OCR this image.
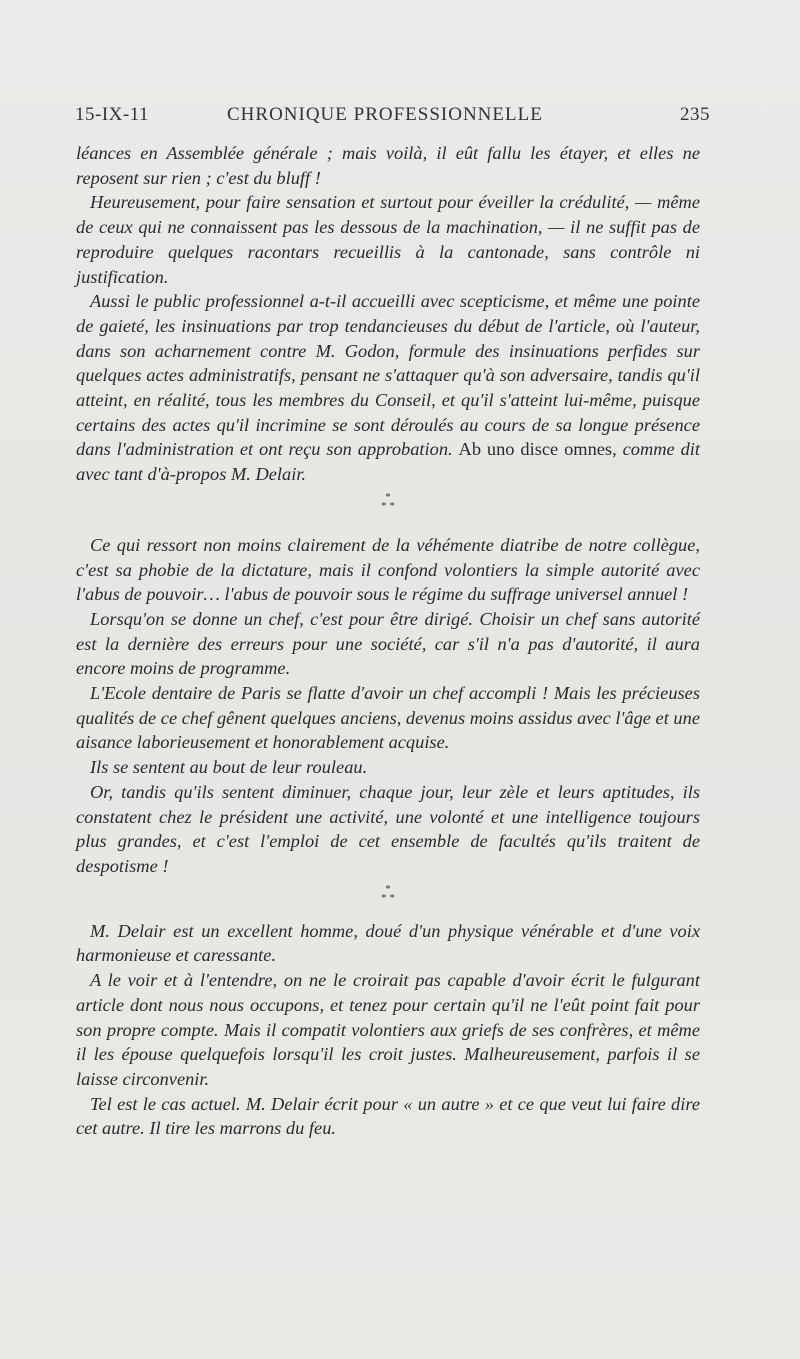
15-IX-11	CHRONIQUE PROFESSIONNELLE	235

léances en Assemblée générale ; mais voilà, il eût fallu les étayer, et elles ne reposent sur rien ; c'est du bluff !

Heureusement, pour faire sensation et surtout pour éveiller la crédulité, — même de ceux qui ne connaissent pas les dessous de la machination, — il ne suffit pas de reproduire quelques racontars recueillis à la cantonade, sans contrôle ni justification.

Aussi le public professionnel a-t-il accueilli avec scepticisme, et même une pointe de gaieté, les insinuations par trop tendancieuses du début de l'article, où l'auteur, dans son acharnement contre M. Godon, formule des insinuations perfides sur quelques actes administratifs, pensant ne s'attaquer qu'à son adversaire, tandis qu'il atteint, en réalité, tous les membres du Conseil, et qu'il s'atteint lui-même, puisque certains des actes qu'il incrimine se sont déroulés au cours de sa longue présence dans l'administration et ont reçu son approbation. Ab uno disce omnes, comme dit avec tant d'à-propos M. Delair.

*
* *

Ce qui ressort non moins clairement de la véhémente diatribe de notre collègue, c'est sa phobie de la dictature, mais il confond volontiers la simple autorité avec l'abus de pouvoir… l'abus de pouvoir sous le régime du suffrage universel annuel !

Lorsqu'on se donne un chef, c'est pour être dirigé. Choisir un chef sans autorité est la dernière des erreurs pour une société, car s'il n'a pas d'autorité, il aura encore moins de programme.

L'Ecole dentaire de Paris se flatte d'avoir un chef accompli ! Mais les précieuses qualités de ce chef gênent quelques anciens, devenus moins assidus avec l'âge et une aisance laborieusement et honorablement acquise.

Ils se sentent au bout de leur rouleau.

Or, tandis qu'ils sentent diminuer, chaque jour, leur zèle et leurs aptitudes, ils constatent chez le président une activité, une volonté et une intelligence toujours plus grandes, et c'est l'emploi de cet ensemble de facultés qu'ils traitent de despotisme !

*
* *

M. Delair est un excellent homme, doué d'un physique vénérable et d'une voix harmonieuse et caressante.

A le voir et à l'entendre, on ne le croirait pas capable d'avoir écrit le fulgurant article dont nous nous occupons, et tenez pour certain qu'il ne l'eût point fait pour son propre compte. Mais il compatit volontiers aux griefs de ses confrères, et même il les épouse quelquefois lorsqu'il les croit justes. Malheureusement, parfois il se laisse circonvenir.

Tel est le cas actuel. M. Delair écrit pour « un autre » et ce que veut lui faire dire cet autre. Il tire les marrons du feu.
